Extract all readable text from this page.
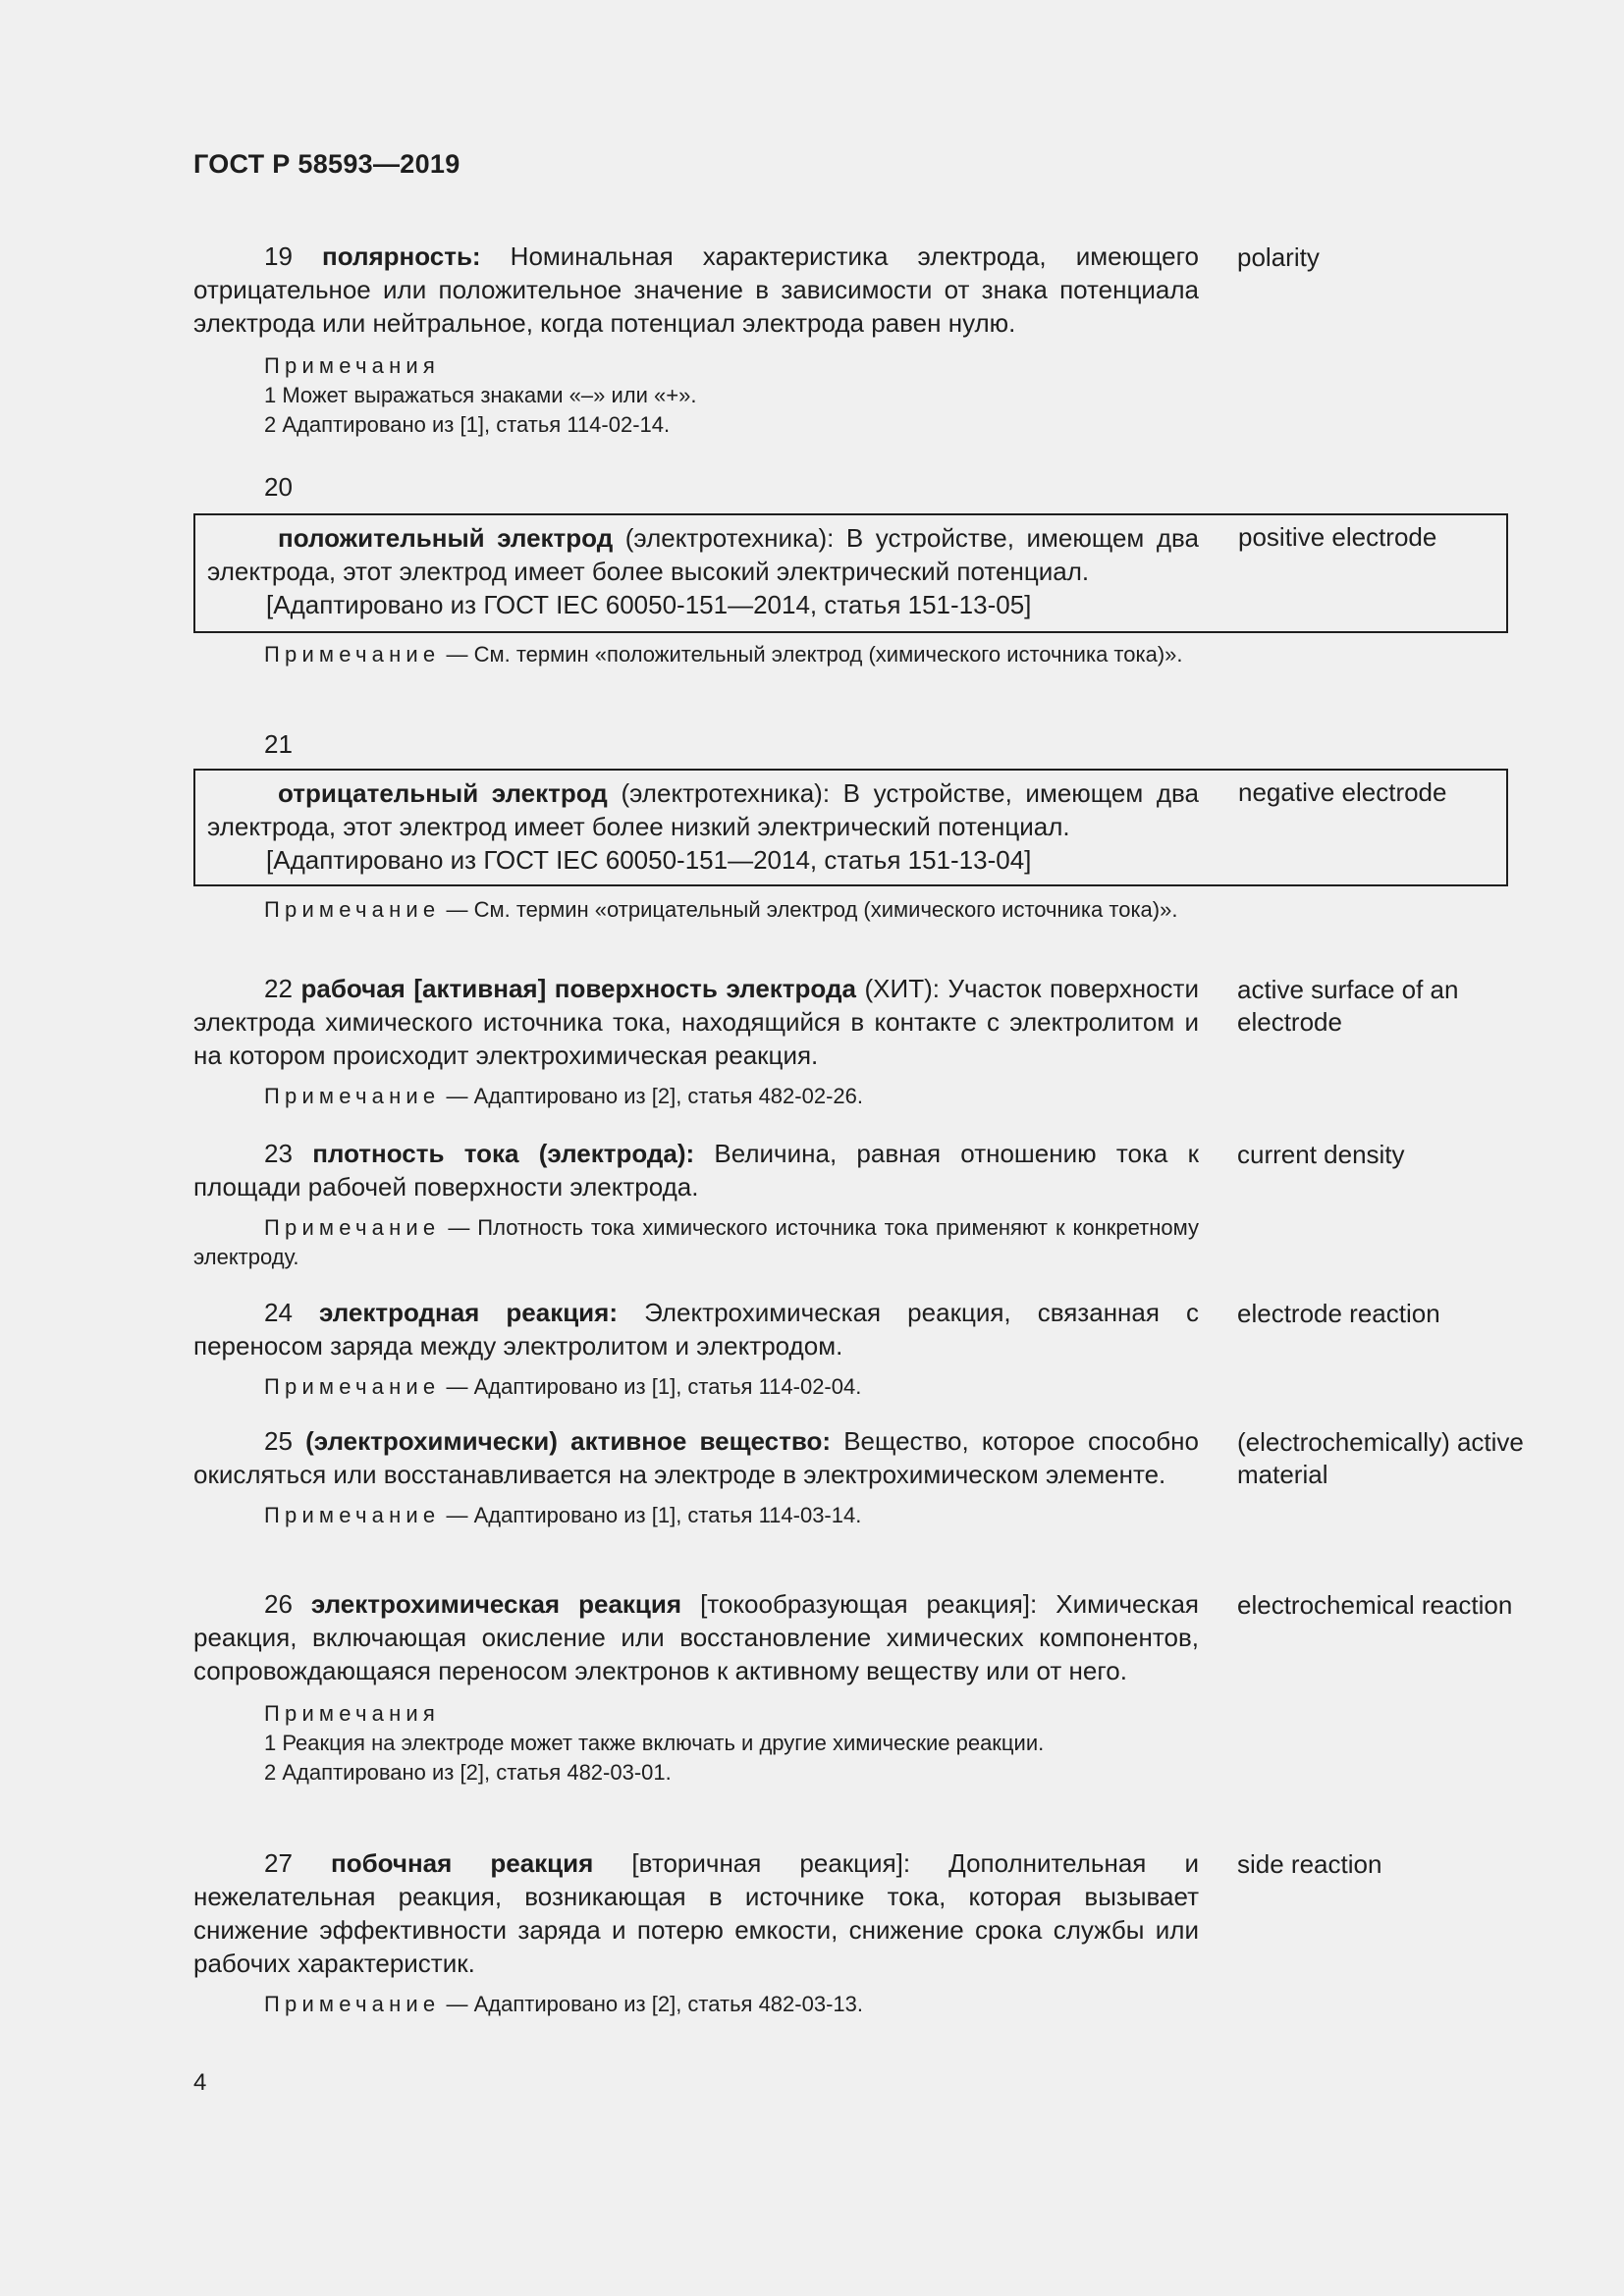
ГОСТ Р 58593—2019
19 полярность: Номинальная характеристика электрода, имеющего отрицательное или положительное значение в зависимости от знака потенциала электрода или нейтральное, когда потенциал электрода равен нулю.
Примечания
1 Может выражаться знаками «–» или «+».
2 Адаптировано из [1], статья 114-02-14.
polarity
20
положительный электрод (электротехника): В устройстве, имеющем два электрода, этот электрод имеет более высокий электрический потенциал.
[Адаптировано из ГОСТ IEC 60050-151—2014, статья 151-13-05]
positive electrode
Примечание — См. термин «положительный электрод (химического источника тока)».
21
отрицательный электрод (электротехника): В устройстве, имеющем два электрода, этот электрод имеет более низкий электрический потенциал.
[Адаптировано из ГОСТ IEC 60050-151—2014, статья 151-13-04]
negative electrode
Примечание — См. термин «отрицательный электрод (химического источника тока)».
22 рабочая [активная] поверхность электрода (ХИТ): Участок поверхности электрода химического источника тока, находящийся в контакте с электролитом и на котором происходит электрохимическая реакция.
Примечание — Адаптировано из [2], статья 482-02-26.
active surface of an electrode
23 плотность тока (электрода): Величина, равная отношению тока к площади рабочей поверхности электрода.
Примечание — Плотность тока химического источника тока применяют к конкретному электроду.
current density
24 электродная реакция: Электрохимическая реакция, связанная с переносом заряда между электролитом и электродом.
Примечание — Адаптировано из [1], статья 114-02-04.
electrode reaction
25 (электрохимически) активное вещество: Вещество, которое способно окисляться или восстанавливается на электроде в электрохимическом элементе.
Примечание — Адаптировано из [1], статья 114-03-14.
(electrochemically) active material
26 электрохимическая реакция [токообразующая реакция]: Химическая реакция, включающая окисление или восстановление химических компонентов, сопровождающаяся переносом электронов к активному веществу или от него.
Примечания
1 Реакция на электроде может также включать и другие химические реакции.
2 Адаптировано из [2], статья 482-03-01.
electrochemical reaction
27 побочная реакция [вторичная реакция]: Дополнительная и нежелательная реакция, возникающая в источнике тока, которая вызывает снижение эффективности заряда и потерю емкости, снижение срока службы или рабочих характеристик.
Примечание — Адаптировано из [2], статья 482-03-13.
side reaction
4
